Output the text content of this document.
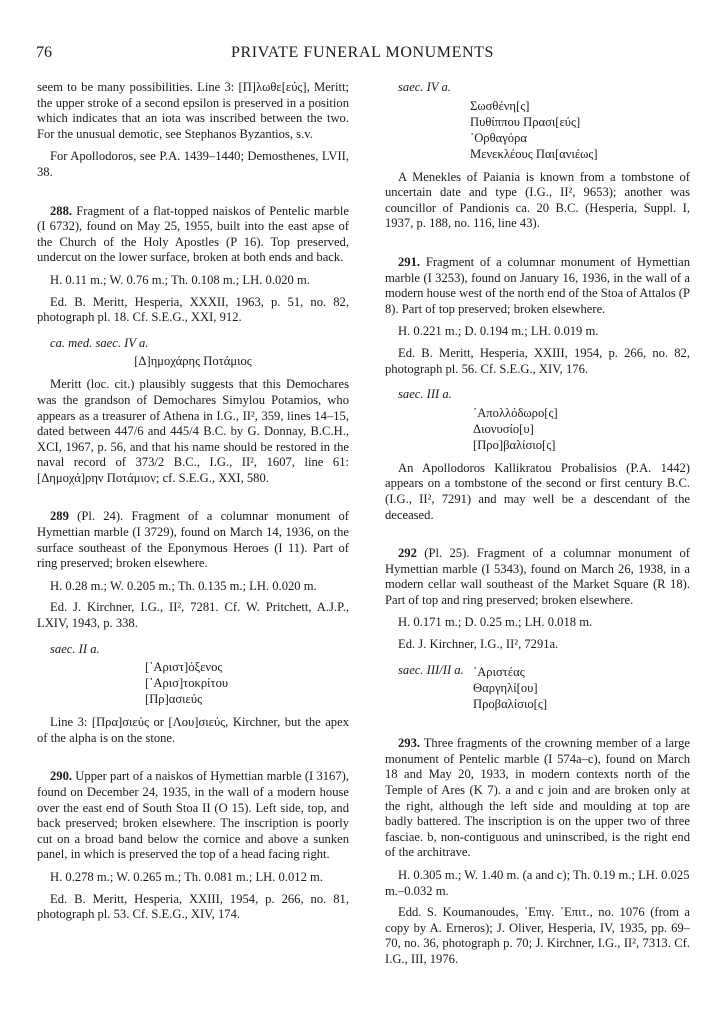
76	PRIVATE FUNERAL MONUMENTS

seem to be many possibilities. Line 3: [Π]λωθε[εύς], Meritt; the upper stroke of a second epsilon is preserved in a position which indicates that an iota was inscribed between the two. For the unusual demotic, see Stephanos Byzantios, s.v.

For Apollodoros, see P.A. 1439–1440; Demosthenes, LVII, 38.

288. Fragment of a flat-topped naiskos of Pentelic marble (I 6732), found on May 25, 1955, built into the east apse of the Church of the Holy Apostles (P 16). Top preserved, undercut on the lower surface, broken at both ends and back.

H. 0.11 m.; W. 0.76 m.; Th. 0.108 m.; LH. 0.020 m.

Ed. B. Meritt, Hesperia, XXXII, 1963, p. 51, no. 82, photograph pl. 18. Cf. S.E.G., XXI, 912.

ca. med. saec. IV a.
[Δ]ημοχάρης Ποτάμιος

Meritt (loc. cit.) plausibly suggests that this Demochares was the grandson of Demochares Simylou Potamios, who appears as a treasurer of Athena in I.G., II², 359, lines 14–15, dated between 447/6 and 445/4 B.C. by G. Donnay, B.C.H., XCI, 1967, p. 56, and that his name should be restored in the naval record of 373/2 B.C., I.G., II², 1607, line 61: [Δημοχά]ρην Ποτάμιον; cf. S.E.G., XXI, 580.

289 (Pl. 24). Fragment of a columnar monument of Hymettian marble (I 3729), found on March 14, 1936, on the surface southeast of the Eponymous Heroes (I 11). Part of ring preserved; broken elsewhere.

H. 0.28 m.; W. 0.205 m.; Th. 0.135 m.; LH. 0.020 m.

Ed. J. Kirchner, I.G., II², 7281. Cf. W. Pritchett, A.J.P., LXIV, 1943, p. 338.

saec. II a.
[᾿Αριστ]όξενος
[᾿Αρισ]τοκρίτου
[Πρ]ασιεύς

Line 3: [Πρα]σιεύς or [Λου]σιεύς, Kirchner, but the apex of the alpha is on the stone.

290. Upper part of a naiskos of Hymettian marble (I 3167), found on December 24, 1935, in the wall of a modern house over the east end of South Stoa II (O 15). Left side, top, and back preserved; broken elsewhere. The inscription is poorly cut on a broad band below the cornice and above a sunken panel, in which is preserved the top of a head facing right.

H. 0.278 m.; W. 0.265 m.; Th. 0.081 m.; LH. 0.012 m.

Ed. B. Meritt, Hesperia, XXIII, 1954, p. 266, no. 81, photograph pl. 53. Cf. S.E.G., XIV, 174.

saec. IV a.
Σωσθένη[ς]
Πυθίππου Πρασι[εύς]
᾿Ορθαγόρα
Μενεκλέους Παι[ανιέως]

A Menekles of Paiania is known from a tombstone of uncertain date and type (I.G., II², 9653); another was councillor of Pandionis ca. 20 B.C. (Hesperia, Suppl. I, 1937, p. 188, no. 116, line 43).

291. Fragment of a columnar monument of Hymettian marble (I 3253), found on January 16, 1936, in the wall of a modern house west of the north end of the Stoa of Attalos (P 8). Part of top preserved; broken elsewhere.

H. 0.221 m.; D. 0.194 m.; LH. 0.019 m.

Ed. B. Meritt, Hesperia, XXIII, 1954, p. 266, no. 82, photograph pl. 56. Cf. S.E.G., XIV, 176.

saec. III a.
᾿Απολλόδωρο[ς]
Διονυσίο[υ]
[Προ]βαλίσιο[ς]

An Apollodoros Kallikratou Probalisios (P.A. 1442) appears on a tombstone of the second or first century B.C. (I.G., II², 7291) and may well be a descendant of the deceased.

292 (Pl. 25). Fragment of a columnar monument of Hymettian marble (I 5343), found on March 26, 1938, in a modern cellar wall southeast of the Market Square (R 18). Part of top and ring preserved; broken elsewhere.

H. 0.171 m.; D. 0.25 m.; LH. 0.018 m.

Ed. J. Kirchner, I.G., II², 7291a.

saec. III/II a. ᾿Αριστέας
Θαργηλί[ου]
Προβαλίσιο[ς]

293. Three fragments of the crowning member of a large monument of Pentelic marble (I 574a–c), found on March 18 and May 20, 1933, in modern contexts north of the Temple of Ares (K 7). a and c join and are broken only at the right, although the left side and moulding at top are badly battered. The inscription is on the upper two of three fasciae. b, non-contiguous and uninscribed, is the right end of the architrave.

H. 0.305 m.; W. 1.40 m. (a and c); Th. 0.19 m.; LH. 0.025 m.–0.032 m.

Edd. S. Koumanoudes, ᾿Επιγ. ᾿Επιτ., no. 1076 (from a copy by A. Erneros); J. Oliver, Hesperia, IV, 1935, pp. 69–70, no. 36, photograph p. 70; J. Kirchner, I.G., II², 7313. Cf. I.G., III, 1976.
